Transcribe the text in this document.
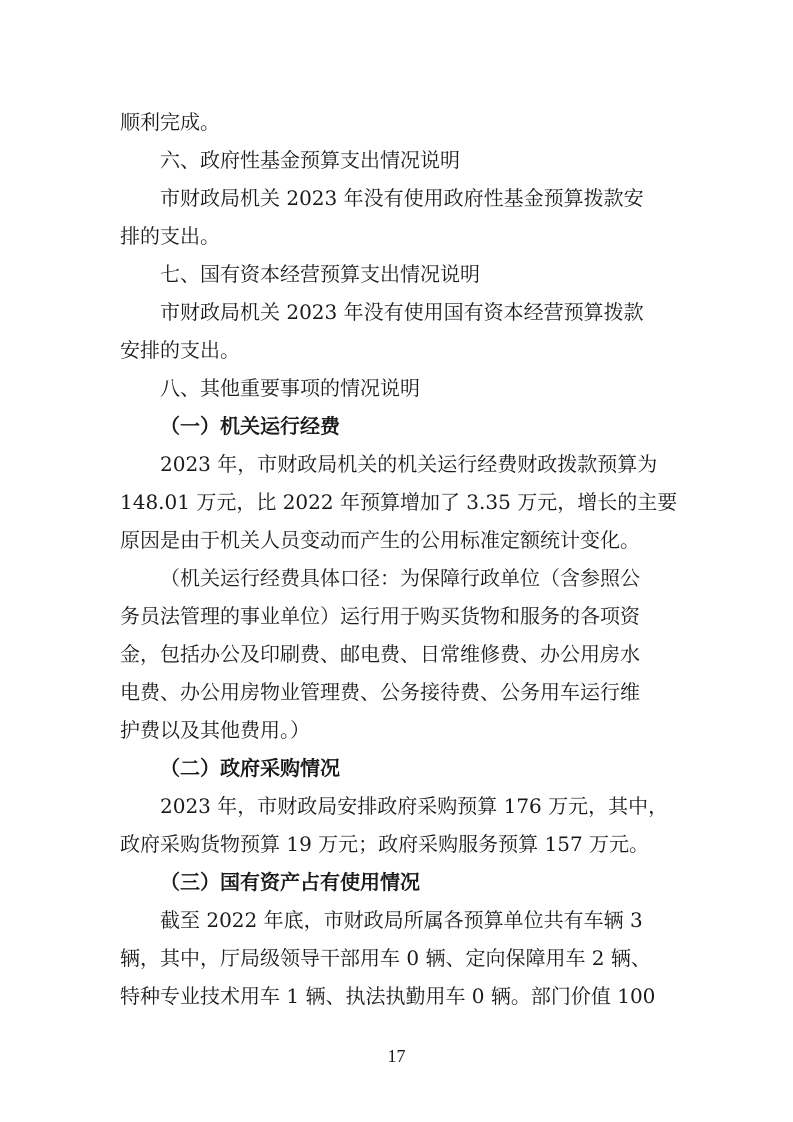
顺利完成。
六、政府性基金预算支出情况说明
市财政局机关 2023 年没有使用政府性基金预算拨款安
排的支出。
七、国有资本经营预算支出情况说明
市财政局机关 2023 年没有使用国有资本经营预算拨款
安排的支出。
八、其他重要事项的情况说明
（一）机关运行经费
2023 年，市财政局机关的机关运行经费财政拨款预算为
148.01 万元，比 2022 年预算增加了 3.35 万元，增长的主要
原因是由于机关人员变动而产生的公用标准定额统计变化。
（机关运行经费具体口径：为保障行政单位（含参照公
务员法管理的事业单位）运行用于购买货物和服务的各项资
金，包括办公及印刷费、邮电费、日常维修费、办公用房水
电费、办公用房物业管理费、公务接待费、公务用车运行维
护费以及其他费用。）
（二）政府采购情况
2023 年，市财政局安排政府采购预算 176 万元，其中，
政府采购货物预算 19 万元；政府采购服务预算 157 万元。
（三）国有资产占有使用情况
截至 2022 年底，市财政局所属各预算单位共有车辆 3
辆，其中，厅局级领导干部用车 0 辆、定向保障用车 2 辆、
特种专业技术用车 1 辆、执法执勤用车 0 辆。部门价值 100
17
